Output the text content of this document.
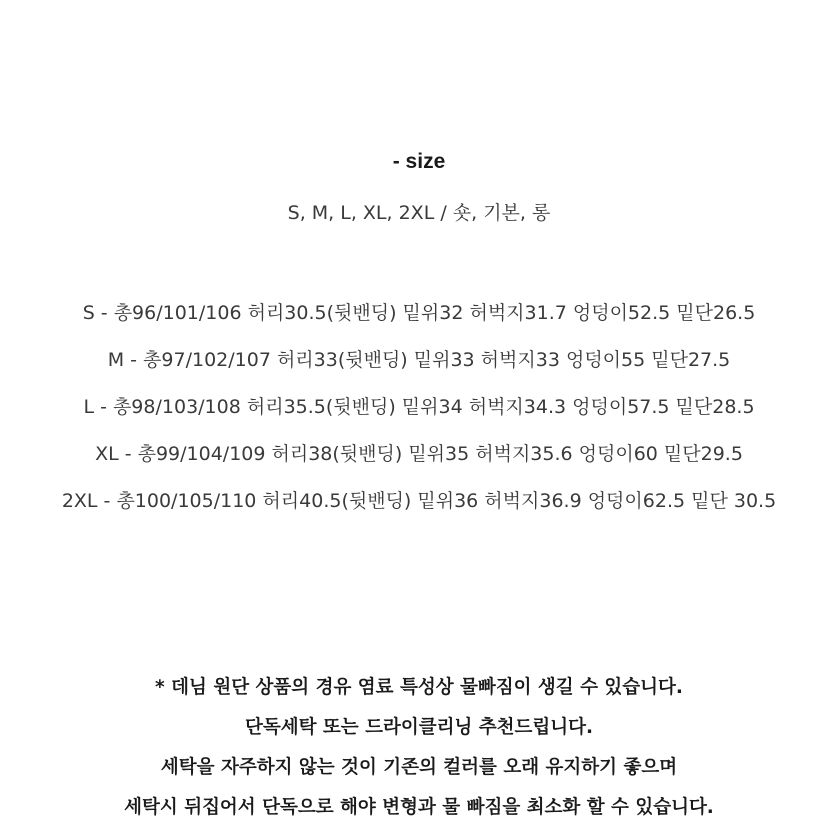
- size
S, M, L, XL, 2XL / 숏, 기본, 롱
S - 총96/101/106 허리30.5(뒷밴딩) 밑위32 허벅지31.7 엉덩이52.5 밑단26.5
M - 총97/102/107 허리33(뒷밴딩) 밑위33 허벅지33 엉덩이55 밑단27.5
L - 총98/103/108 허리35.5(뒷밴딩) 밑위34 허벅지34.3 엉덩이57.5 밑단28.5
XL - 총99/104/109 허리38(뒷밴딩) 밑위35 허벅지35.6 엉덩이60 밑단29.5
2XL - 총100/105/110 허리40.5(뒷밴딩) 밑위36 허벅지36.9 엉덩이62.5 밑단 30.5
* 데님 원단 상품의 경유 염료 특성상 물빠짐이 생길 수 있습니다.
단독세탁 또는 드라이클리닝 추천드립니다.
세탁을 자주하지 않는 것이 기존의 컬러를 오래 유지하기 좋으며
세탁시 뒤집어서 단독으로 해야 변형과 물 빠짐을 최소화 할 수 있습니다.
